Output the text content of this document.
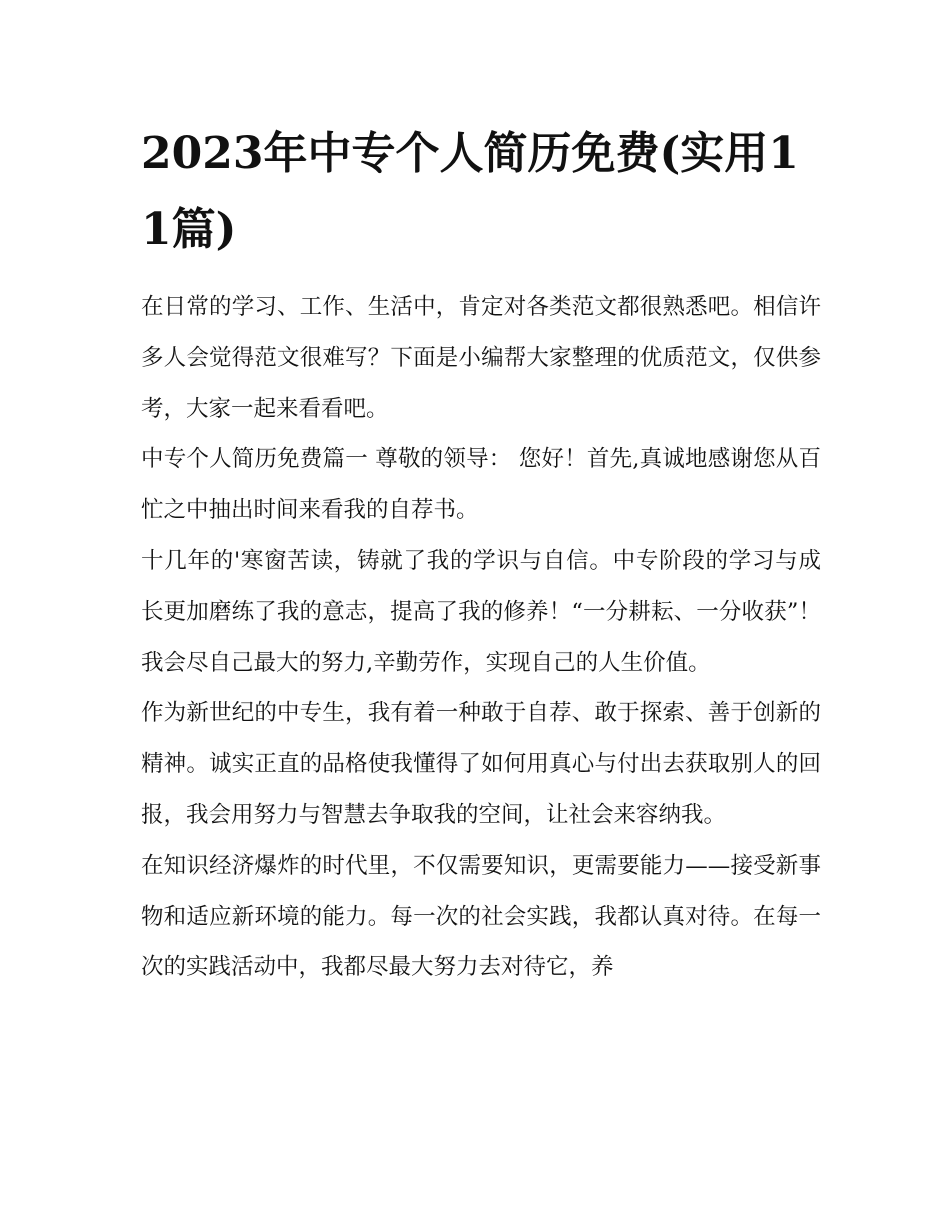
2023年中专个人简历免费(实用11篇)

在日常的学习、工作、生活中，肯定对各类范文都很熟悉吧。相信许多人会觉得范文很难写？下面是小编帮大家整理的优质范文，仅供参考，大家一起来看看吧。

中专个人简历免费篇一 尊敬的领导： 您好！首先,真诚地感谢您从百忙之中抽出时间来看我的自荐书。

十几年的'寒窗苦读，铸就了我的学识与自信。中专阶段的学习与成长更加磨练了我的意志，提高了我的修养！“一分耕耘、一分收获”！我会尽自己最大的努力,辛勤劳作，实现自己的人生价值。

作为新世纪的中专生，我有着一种敢于自荐、敢于探索、善于创新的精神。诚实正直的品格使我懂得了如何用真心与付出去获取别人的回报，我会用努力与智慧去争取我的空间，让社会来容纳我。

在知识经济爆炸的时代里，不仅需要知识，更需要能力——接受新事物和适应新环境的能力。每一次的社会实践，我都认真对待。在每一次的实践活动中，我都尽最大努力去对待它，养
